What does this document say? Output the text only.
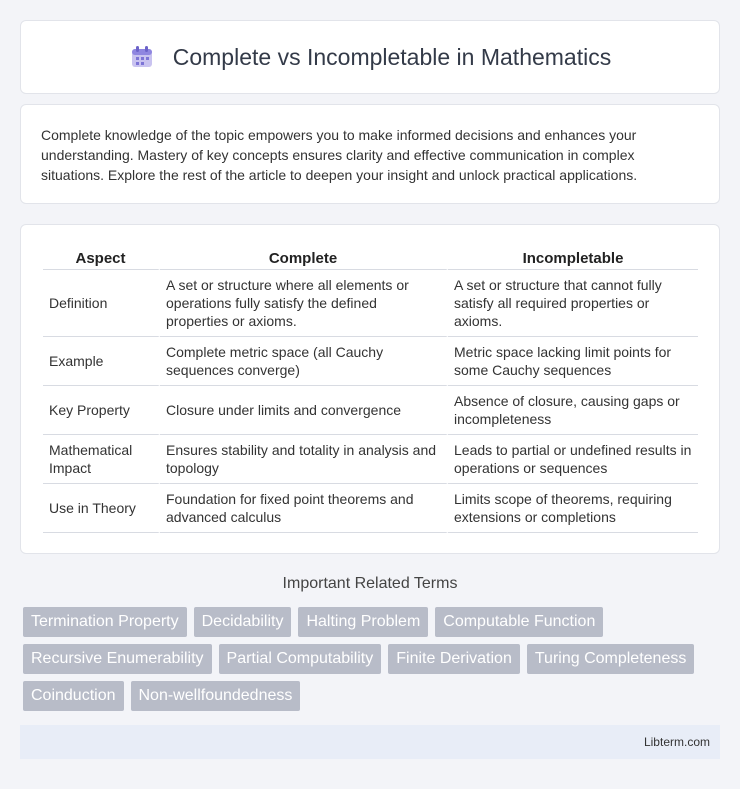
Complete vs Incompletable in Mathematics

Complete knowledge of the topic empowers you to make informed decisions and enhances your understanding. Mastery of key concepts ensures clarity and effective communication in complex situations. Explore the rest of the article to deepen your insight and unlock practical applications.

Aspect	Complete	Incompletable
Definition	A set or structure where all elements or operations fully satisfy the defined properties or axioms.	A set or structure that cannot fully satisfy all required properties or axioms.
Example	Complete metric space (all Cauchy sequences converge)	Metric space lacking limit points for some Cauchy sequences
Key Property	Closure under limits and convergence	Absence of closure, causing gaps or incompleteness
Mathematical Impact	Ensures stability and totality in analysis and topology	Leads to partial or undefined results in operations or sequences
Use in Theory	Foundation for fixed point theorems and advanced calculus	Limits scope of theorems, requiring extensions or completions
Important Related Terms
Termination Property	Decidability	Halting Problem	Computable Function
Recursive Enumerability	Partial Computability	Finite Derivation	Turing Completeness
Coinduction	Non-wellfoundedness
Libterm.com
